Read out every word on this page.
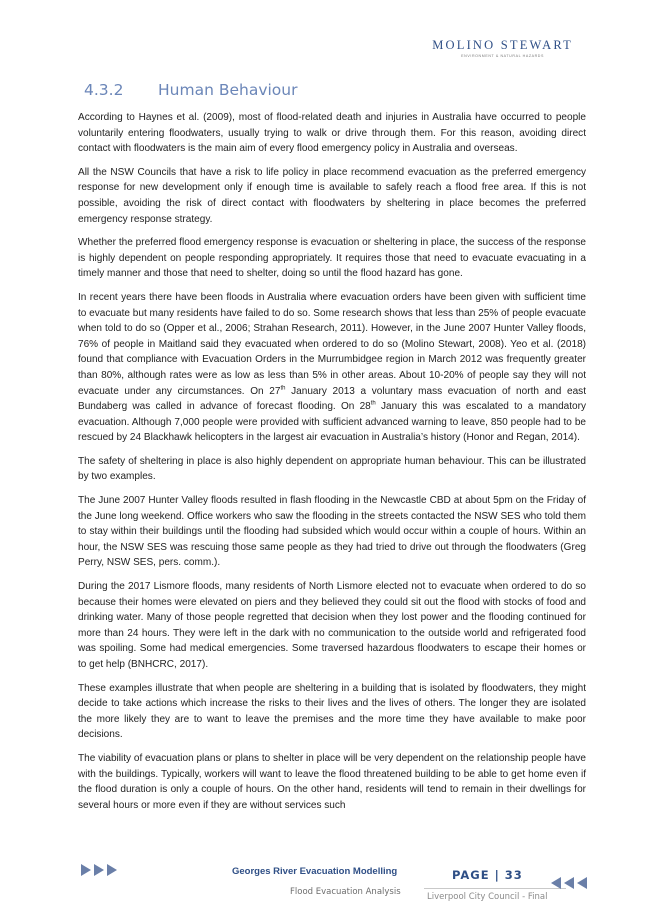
MOLINO STEWART
ENVIRONMENT & NATURAL HAZARDS
4.3.2 Human Behaviour

According to Haynes et al. (2009), most of flood-related death and injuries in Australia have occurred to people voluntarily entering floodwaters, usually trying to walk or drive through them. For this reason, avoiding direct contact with floodwaters is the main aim of every flood emergency policy in Australia and overseas.

All the NSW Councils that have a risk to life policy in place recommend evacuation as the preferred emergency response for new development only if enough time is available to safely reach a flood free area. If this is not possible, avoiding the risk of direct contact with floodwaters by sheltering in place becomes the preferred emergency response strategy.

Whether the preferred flood emergency response is evacuation or sheltering in place, the success of the response is highly dependent on people responding appropriately. It requires those that need to evacuate evacuating in a timely manner and those that need to shelter, doing so until the flood hazard has gone.

In recent years there have been floods in Australia where evacuation orders have been given with sufficient time to evacuate but many residents have failed to do so. Some research shows that less than 25% of people evacuate when told to do so (Opper et al., 2006; Strahan Research, 2011). However, in the June 2007 Hunter Valley floods, 76% of people in Maitland said they evacuated when ordered to do so (Molino Stewart, 2008). Yeo et al. (2018) found that compliance with Evacuation Orders in the Murrumbidgee region in March 2012 was frequently greater than 80%, although rates were as low as less than 5% in other areas. About 10-20% of people say they will not evacuate under any circumstances. On 27th January 2013 a voluntary mass evacuation of north and east Bundaberg was called in advance of forecast flooding. On 28th January this was escalated to a mandatory evacuation. Although 7,000 people were provided with sufficient advanced warning to leave, 850 people had to be rescued by 24 Blackhawk helicopters in the largest air evacuation in Australia’s history (Honor and Regan, 2014).

The safety of sheltering in place is also highly dependent on appropriate human behaviour. This can be illustrated by two examples.

The June 2007 Hunter Valley floods resulted in flash flooding in the Newcastle CBD at about 5pm on the Friday of the June long weekend. Office workers who saw the flooding in the streets contacted the NSW SES who told them to stay within their buildings until the flooding had subsided which would occur within a couple of hours. Within an hour, the NSW SES was rescuing those same people as they had tried to drive out through the floodwaters (Greg Perry, NSW SES, pers. comm.).

During the 2017 Lismore floods, many residents of North Lismore elected not to evacuate when ordered to do so because their homes were elevated on piers and they believed they could sit out the flood with stocks of food and drinking water. Many of those people regretted that decision when they lost power and the flooding continued for more than 24 hours. They were left in the dark with no communication to the outside world and refrigerated food was spoiling. Some had medical emergencies. Some traversed hazardous floodwaters to escape their homes or to get help (BNHCRC, 2017).

These examples illustrate that when people are sheltering in a building that is isolated by floodwaters, they might decide to take actions which increase the risks to their lives and the lives of others. The longer they are isolated the more likely they are to want to leave the premises and the more time they have available to make poor decisions.

The viability of evacuation plans or plans to shelter in place will be very dependent on the relationship people have with the buildings. Typically, workers will want to leave the flood threatened building to be able to get home even if the flood duration is only a couple of hours. On the other hand, residents will tend to remain in their dwellings for several hours or more even if they are without services such

Georges River Evacuation Modelling
Flood Evacuation Analysis
PAGE | 33
Liverpool City Council - Final
